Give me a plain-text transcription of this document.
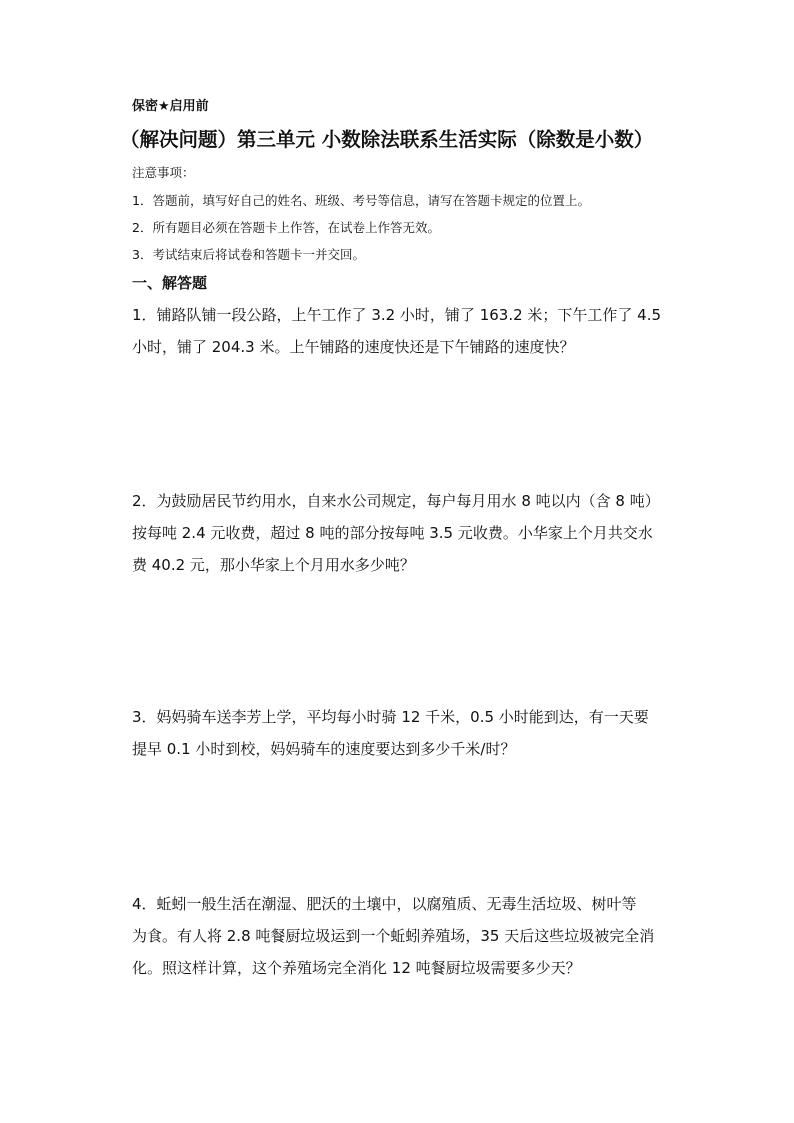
保密★启用前
（解决问题）第三单元 小数除法联系生活实际（除数是小数）
注意事项：
1．答题前，填写好自己的姓名、班级、考号等信息，请写在答题卡规定的位置上。
2．所有题目必须在答题卡上作答，在试卷上作答无效。
3．考试结束后将试卷和答题卡一并交回。
一、解答题
1．铺路队铺一段公路，上午工作了 3.2 小时，铺了 163.2 米；下午工作了 4.5
小时，铺了 204.3 米。上午铺路的速度快还是下午铺路的速度快？
2．为鼓励居民节约用水，自来水公司规定，每户每月用水 8 吨以内（含 8 吨）
按每吨 2.4 元收费，超过 8 吨的部分按每吨 3.5 元收费。小华家上个月共交水
费 40.2 元，那小华家上个月用水多少吨？
3．妈妈骑车送李芳上学，平均每小时骑 12 千米，0.5 小时能到达，有一天要
提早 0.1 小时到校，妈妈骑车的速度要达到多少千米/时？
4．蚯蚓一般生活在潮湿、肥沃的土壤中，以腐殖质、无毒生活垃圾、树叶等
为食。有人将 2.8 吨餐厨垃圾运到一个蚯蚓养殖场，35 天后这些垃圾被完全消
化。照这样计算，这个养殖场完全消化 12 吨餐厨垃圾需要多少天？
